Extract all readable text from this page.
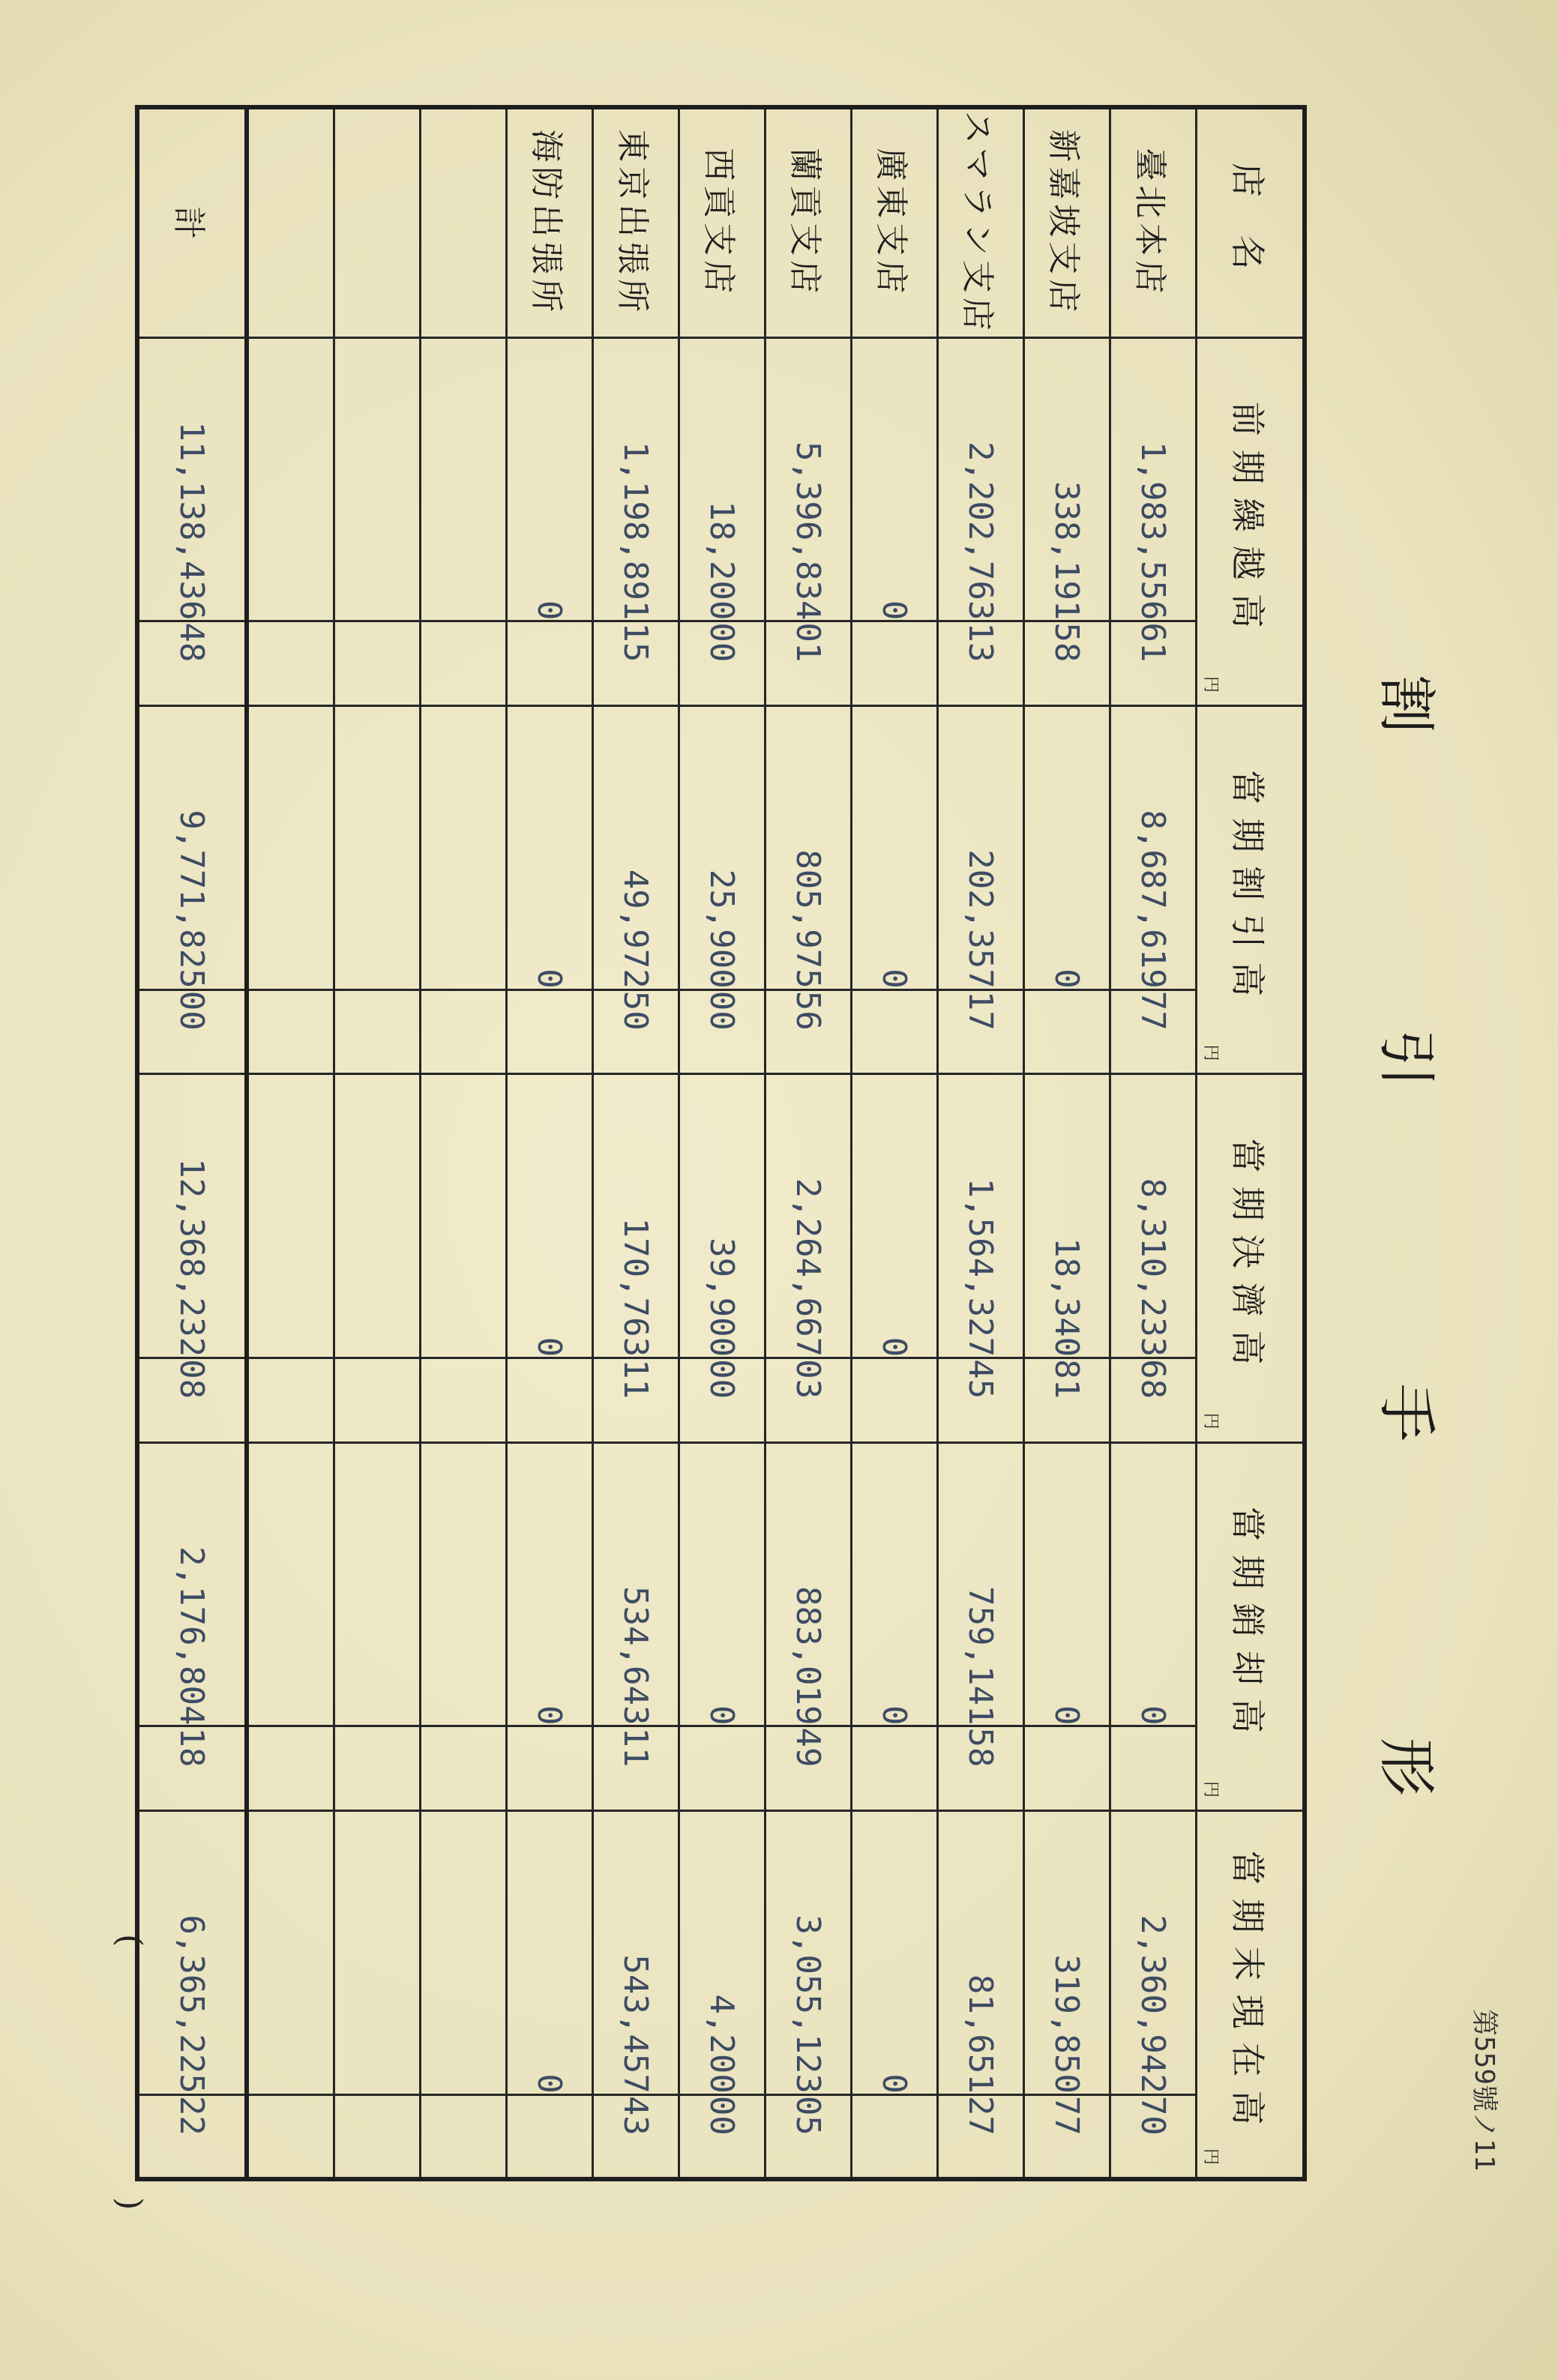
割
引
手
形
第559號ノ11
店 名	前期繰越高
円		當期割引高
円		當期決濟高
円		當期銷却高
円		當期末現在高
円	

臺北本店	1,983,556	61	8,687,619	77	8,310,233	68	0		2,360,942	70
新嘉坡支店	338,191	58	0		18,340	81	0		319,850	77
スマラン支店	2,202,763	13	202,357	17	1,564,327	45	759,141	58	81,651	27
廣東支店	0		0		0		0		0	
蘭貢支店	5,396,834	01	805,975	56	2,264,667	03	883,019	49	3,055,123	05
西貢支店	18,200	00	25,900	00	39,900	00	0		4,200	00
東京出張所	1,198,891	15	49,972	50	170,763	11	534,643	11	543,457	43
海防出張所	0		0		0		0		0	

計	11,138,436	48	9,771,825	00	12,368,232	08	2,176,804	18	6,365,225	22
( )
